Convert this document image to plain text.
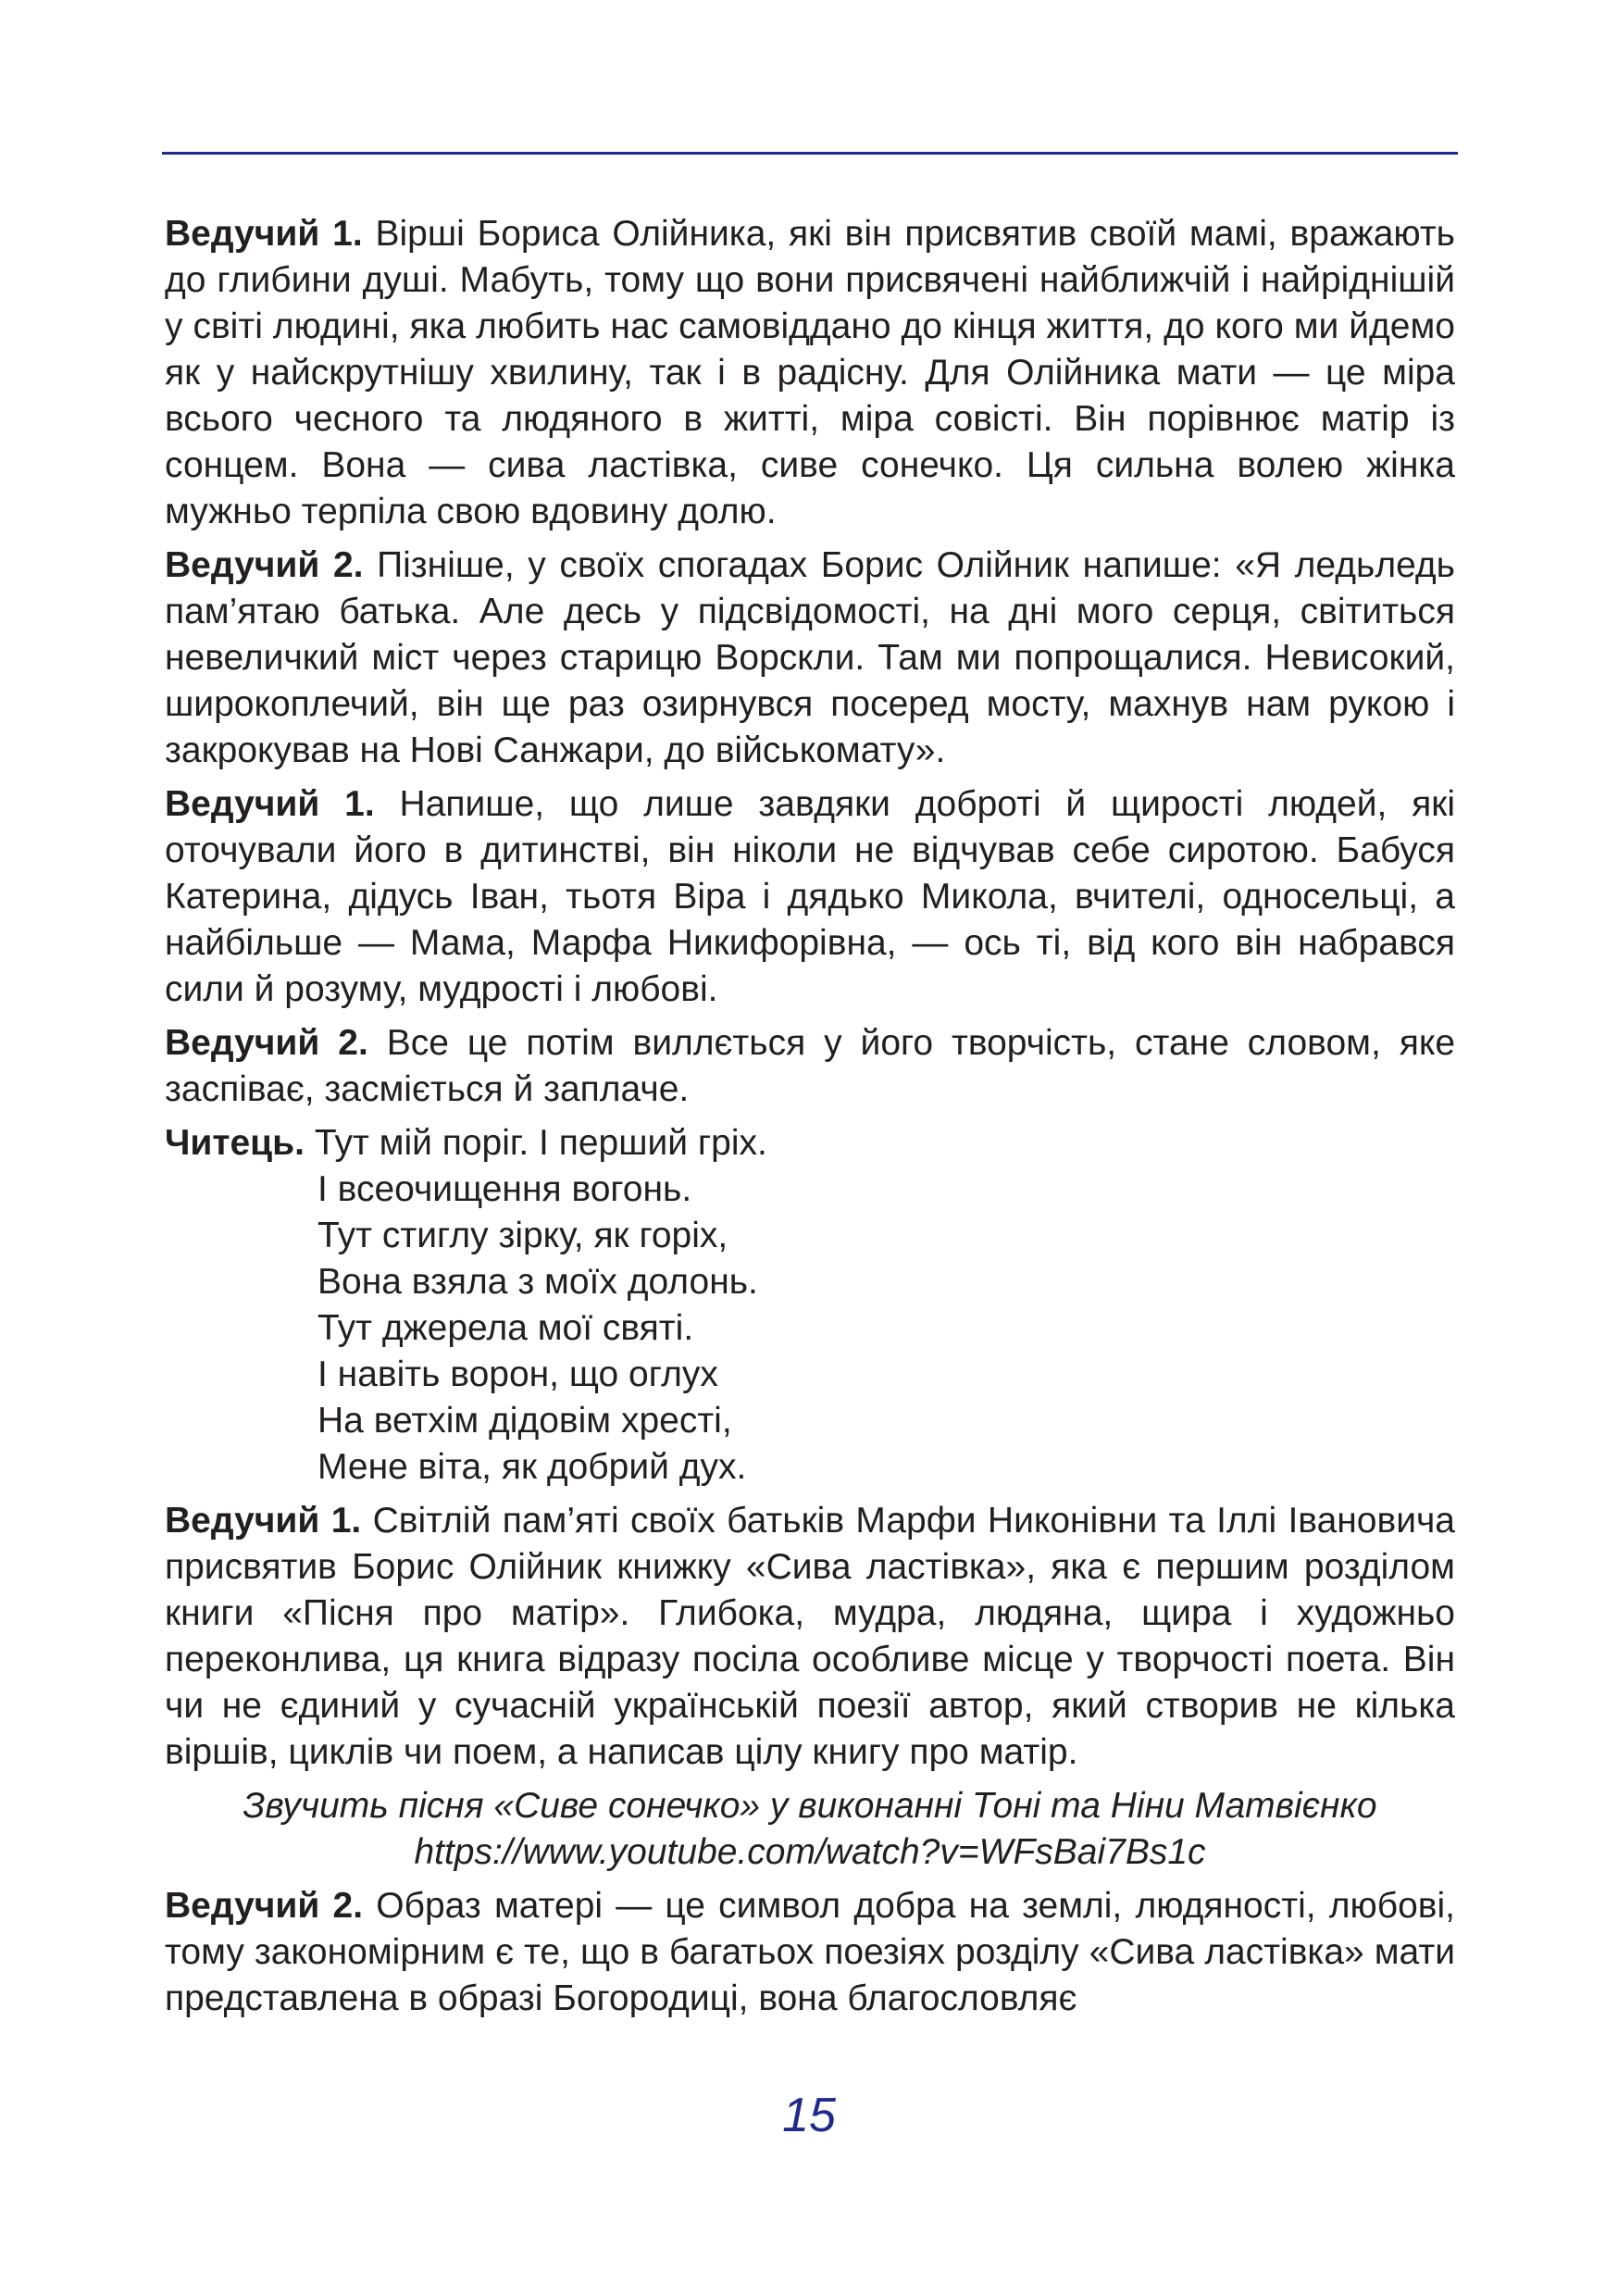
Ведучий 1. Вірші Бориса Олійника, які він присвятив своїй мамі, вражають до глибини душі. Мабуть, тому що вони присвячені найближчій і найріднішій у світі людині, яка любить нас самовіддано до кінця життя, до кого ми йдемо як у найскрутнішу хвилину, так і в радісну. Для Олійника мати — це міра всього чесного та людяного в житті, міра совісті. Він порівнює матір із сонцем. Вона — сива ластівка, сиве сонечко. Ця сильна волею жінка мужньо терпіла свою вдовину долю.

Ведучий 2. Пізніше, у своїх спогадах Борис Олійник напише: «Я ледьледь пам’ятаю батька. Але десь у підсвідомості, на дні мого серця, світиться невеличкий міст через старицю Ворскли. Там ми попрощалися. Невисокий, широкоплечий, він ще раз озирнувся посеред мосту, махнув нам рукою і закрокував на Нові Санжари, до військомату».

Ведучий 1. Напише, що лише завдяки доброті й щирості людей, які оточували його в дитинстві, він ніколи не відчував себе сиротою. Бабуся Катерина, дідусь Іван, тьотя Віра і дядько Микола, вчителі, односельці, а найбільше — Мама, Марфа Никифорівна, — ось ті, від кого він набрався сили й розуму, мудрості і любові.

Ведучий 2. Все це потім виллється у його творчість, стане словом, яке заспіває, засміється й заплаче.

Читець. Тут мій поріг. І перший гріх.
І всеочищення вогонь.
Тут стиглу зірку, як горіх,
Вона взяла з моїх долонь.
Тут джерела мої святі.
І навіть ворон, що оглух
На ветхім дідовім хресті,
Мене віта, як добрий дух.

Ведучий 1. Світлій пам’яті своїх батьків Марфи Никонівни та Іллі Івановича присвятив Борис Олійник книжку «Сива ластівка», яка є першим розділом книги «Пісня про матір». Глибока, мудра, людяна, щира і художньо переконлива, ця книга відразу посіла особливе місце у творчості поета. Він чи не єдиний у сучасній українській поезії автор, який створив не кілька віршів, циклів чи поем, а написав цілу книгу про матір.

Звучить пісня «Сиве сонечко» у виконанні Тоні та Ніни Матвієнко
https://www.youtube.com/watch?v=WFsBai7Bs1c

Ведучий 2. Образ матері — це символ добра на землі, людяності, любові, тому закономірним є те, що в багатьох поезіях розділу «Сива ластівка» мати представлена в образі Богородиці, вона благословляє

15
